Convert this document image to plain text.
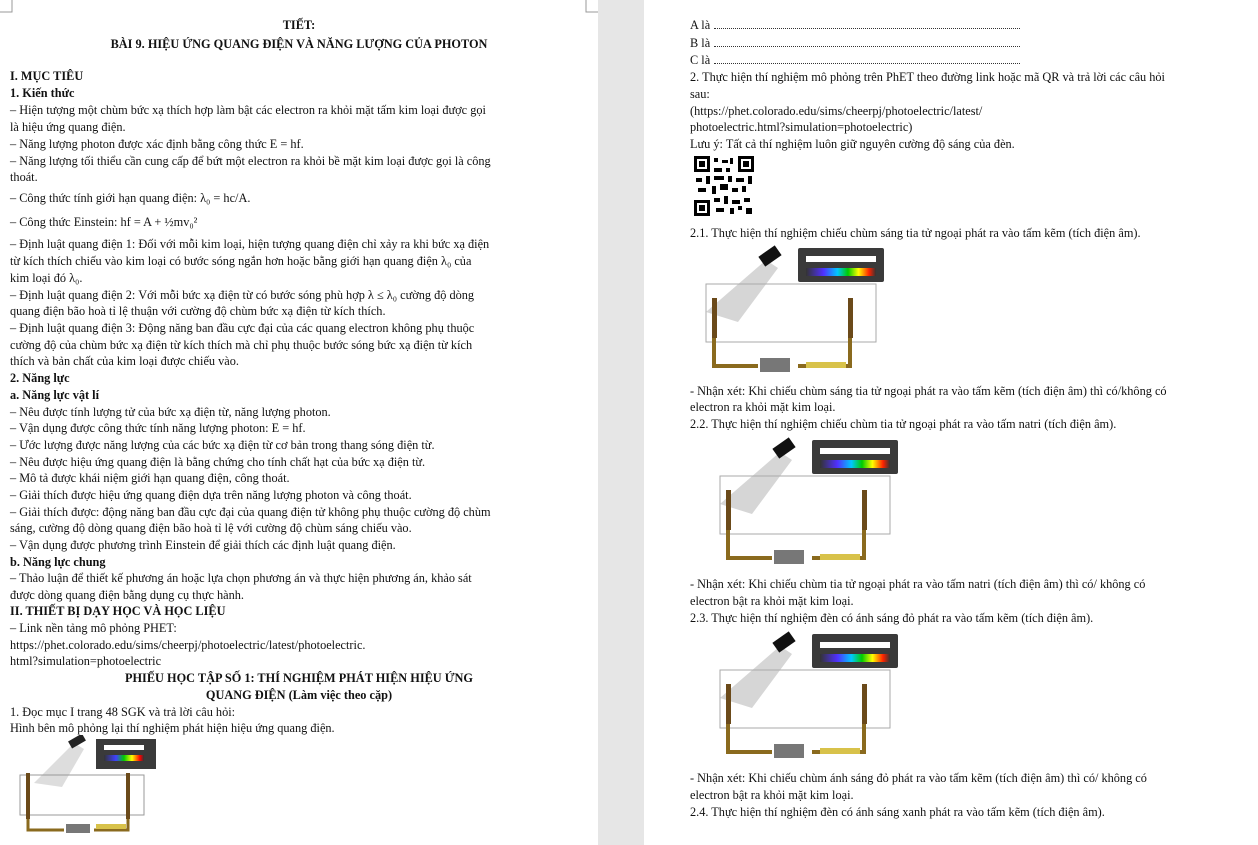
TIẾT:
BÀI 9. HIỆU ỨNG QUANG ĐIỆN VÀ NĂNG LƯỢNG CỦA PHOTON
I. MỤC TIÊU
1. Kiến thức
– Hiện tượng một chùm bức xạ thích hợp làm bật các electron ra khỏi mặt tấm kim loại được gọi
là hiệu ứng quang điện.
– Năng lượng photon được xác định bằng công thức E = hf.
– Năng lượng tối thiểu cần cung cấp để bứt một electron ra khỏi bề mặt kim loại được gọi là công
thoát.
– Công thức tính giới hạn quang điện: λ₀ = hc/A.
– Công thức Einstein: hf = A + ½mv₀²
– Định luật quang điện 1: Đối với mỗi kim loại, hiện tượng quang điện chỉ xảy ra khi bức xạ điện
từ kích thích chiếu vào kim loại có bước sóng ngắn hơn hoặc bằng giới hạn quang điện λ₀ của
kim loại đó λ₀.
– Định luật quang điện 2: Với mỗi bức xạ điện từ có bước sóng phù hợp λ ≤ λ₀ cường độ dòng
quang điện bão hoà tỉ lệ thuận với cường độ chùm bức xạ điện từ kích thích.
– Định luật quang điện 3: Động năng ban đầu cực đại của các quang electron không phụ thuộc
cường độ của chùm bức xạ điện từ kích thích mà chỉ phụ thuộc bước sóng bức xạ điện từ kích
thích và bản chất của kim loại được chiếu vào.
2. Năng lực
a. Năng lực vật lí
– Nêu được tính lượng tử của bức xạ điện từ, năng lượng photon.
– Vận dụng được công thức tính năng lượng photon: E = hf.
– Ước lượng được năng lượng của các bức xạ điện từ cơ bản trong thang sóng điện từ.
– Nêu được hiệu ứng quang điện là bằng chứng cho tính chất hạt của bức xạ điện từ.
– Mô tả được khái niệm giới hạn quang điện, công thoát.
– Giải thích được hiệu ứng quang điện dựa trên năng lượng photon và công thoát.
– Giải thích được: động năng ban đầu cực đại của quang điện tử không phụ thuộc cường độ chùm
sáng, cường độ dòng quang điện bão hoà tỉ lệ với cường độ chùm sáng chiếu vào.
– Vận dụng được phương trình Einstein để giải thích các định luật quang điện.
b. Năng lực chung
– Thảo luận để thiết kế phương án hoặc lựa chọn phương án và thực hiện phương án, khảo sát
được dòng quang điện bằng dụng cụ thực hành.
II. THIẾT BỊ DẠY HỌC VÀ HỌC LIỆU
– Link nền tảng mô phỏng PHET:
https://phet.colorado.edu/sims/cheerpj/photoelectric/latest/photoelectric.
html?simulation=photoelectric
PHIẾU HỌC TẬP SỐ 1: THÍ NGHIỆM PHÁT HIỆN HIỆU ỨNG
QUANG ĐIỆN (Làm việc theo cặp)
1. Đọc mục I trang 48 SGK và trả lời câu hỏi:
Hình bên mô phỏng lại thí nghiệm phát hiện hiệu ứng quang điện.
A là
B là
C là
2. Thực hiện thí nghiệm mô phỏng trên PhET theo đường link hoặc mã QR và trả lời các câu hỏi
sau:
(https://phet.colorado.edu/sims/cheerpj/photoelectric/latest/
photoelectric.html?simulation=photoelectric)
Lưu ý: Tất cả thí nghiệm luôn giữ nguyên cường độ sáng của đèn.
2.1. Thực hiện thí nghiệm chiếu chùm sáng tia tử ngoại phát ra vào tấm kẽm (tích điện âm).
- Nhận xét: Khi chiếu chùm sáng tia tử ngoại phát ra vào tấm kẽm (tích điện âm) thì có/không có
electron ra khỏi mặt kim loại.
2.2. Thực hiện thí nghiệm chiếu chùm tia tử ngoại phát ra vào tấm natri (tích điện âm).
- Nhận xét: Khi chiếu chùm tia tử ngoại phát ra vào tấm natri (tích điện âm) thì có/ không có
electron bật ra khỏi mặt kim loại.
2.3. Thực hiện thí nghiệm đèn có ánh sáng đỏ phát ra vào tấm kẽm (tích điện âm).
- Nhận xét: Khi chiếu chùm ánh sáng đỏ phát ra vào tấm kẽm (tích điện âm) thì có/ không có
electron bật ra khỏi mặt kim loại.
2.4. Thực hiện thí nghiệm đèn có ánh sáng xanh phát ra vào tấm kẽm (tích điện âm).
